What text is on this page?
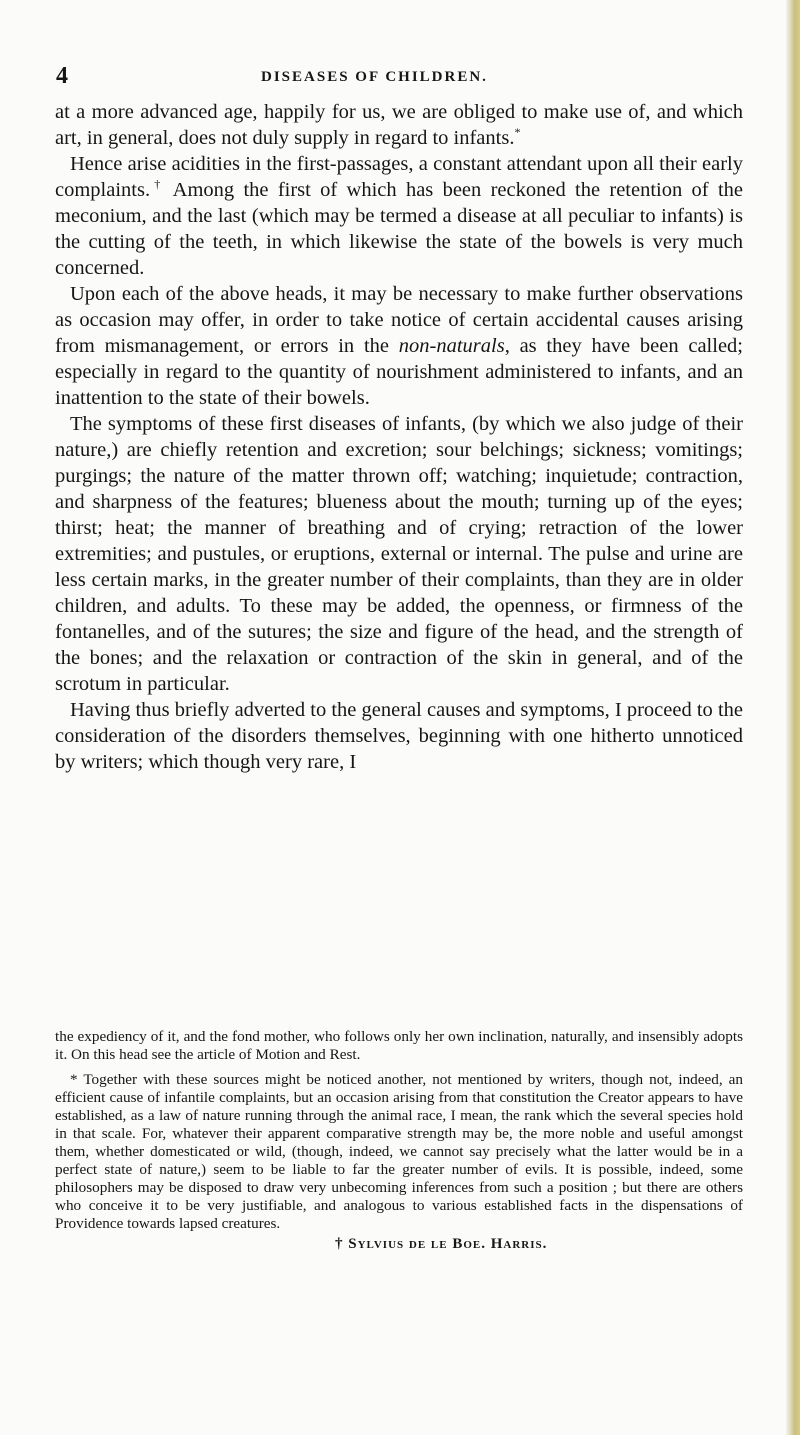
4	DISEASES OF CHILDREN.

at a more advanced age, happily for us, we are obliged to make use of, and which art, in general, does not duly supply in regard to infants.*

Hence arise acidities in the first-passages, a constant attendant upon all their early complaints.† Among the first of which has been reckoned the retention of the meconium, and the last (which may be termed a disease at all peculiar to infants) is the cutting of the teeth, in which likewise the state of the bowels is very much concerned.

Upon each of the above heads, it may be necessary to make further observations as occasion may offer, in order to take notice of certain accidental causes arising from mismanagement, or errors in the non-naturals, as they have been called; especially in regard to the quantity of nourishment administered to infants, and an inattention to the state of their bowels.

The symptoms of these first diseases of infants, (by which we also judge of their nature,) are chiefly retention and excretion; sour belchings; sickness; vomitings; purgings; the nature of the matter thrown off; watching; inquietude; contraction, and sharpness of the features; blueness about the mouth; turning up of the eyes; thirst; heat; the manner of breathing and of crying; retraction of the lower extremities; and pustules, or eruptions, external or internal. The pulse and urine are less certain marks, in the greater number of their complaints, than they are in older children, and adults. To these may be added, the openness, or firmness of the fontanelles, and of the sutures; the size and figure of the head, and the strength of the bones; and the relaxation or contraction of the skin in general, and of the scrotum in particular.

Having thus briefly adverted to the general causes and symptoms, I proceed to the consideration of the disorders themselves, beginning with one hitherto unnoticed by writers; which though very rare, I

the expediency of it, and the fond mother, who follows only her own inclination, naturally, and insensibly adopts it. On this head see the article of Motion and Rest.

* Together with these sources might be noticed another, not mentioned by writers, though not, indeed, an efficient cause of infantile complaints, but an occasion arising from that constitution the Creator appears to have established, as a law of nature running through the animal race, I mean, the rank which the several species hold in that scale. For, whatever their apparent comparative strength may be, the more noble and useful amongst them, whether domesticated or wild, (though, indeed, we cannot say precisely what the latter would be in a perfect state of nature,) seem to be liable to far the greater number of evils. It is possible, indeed, some philosophers may be disposed to draw very unbecoming inferences from such a position ; but there are others who conceive it to be very justifiable, and analogous to various established facts in the dispensations of Providence towards lapsed creatures.

† Sylvius de le Boe. Harris.
